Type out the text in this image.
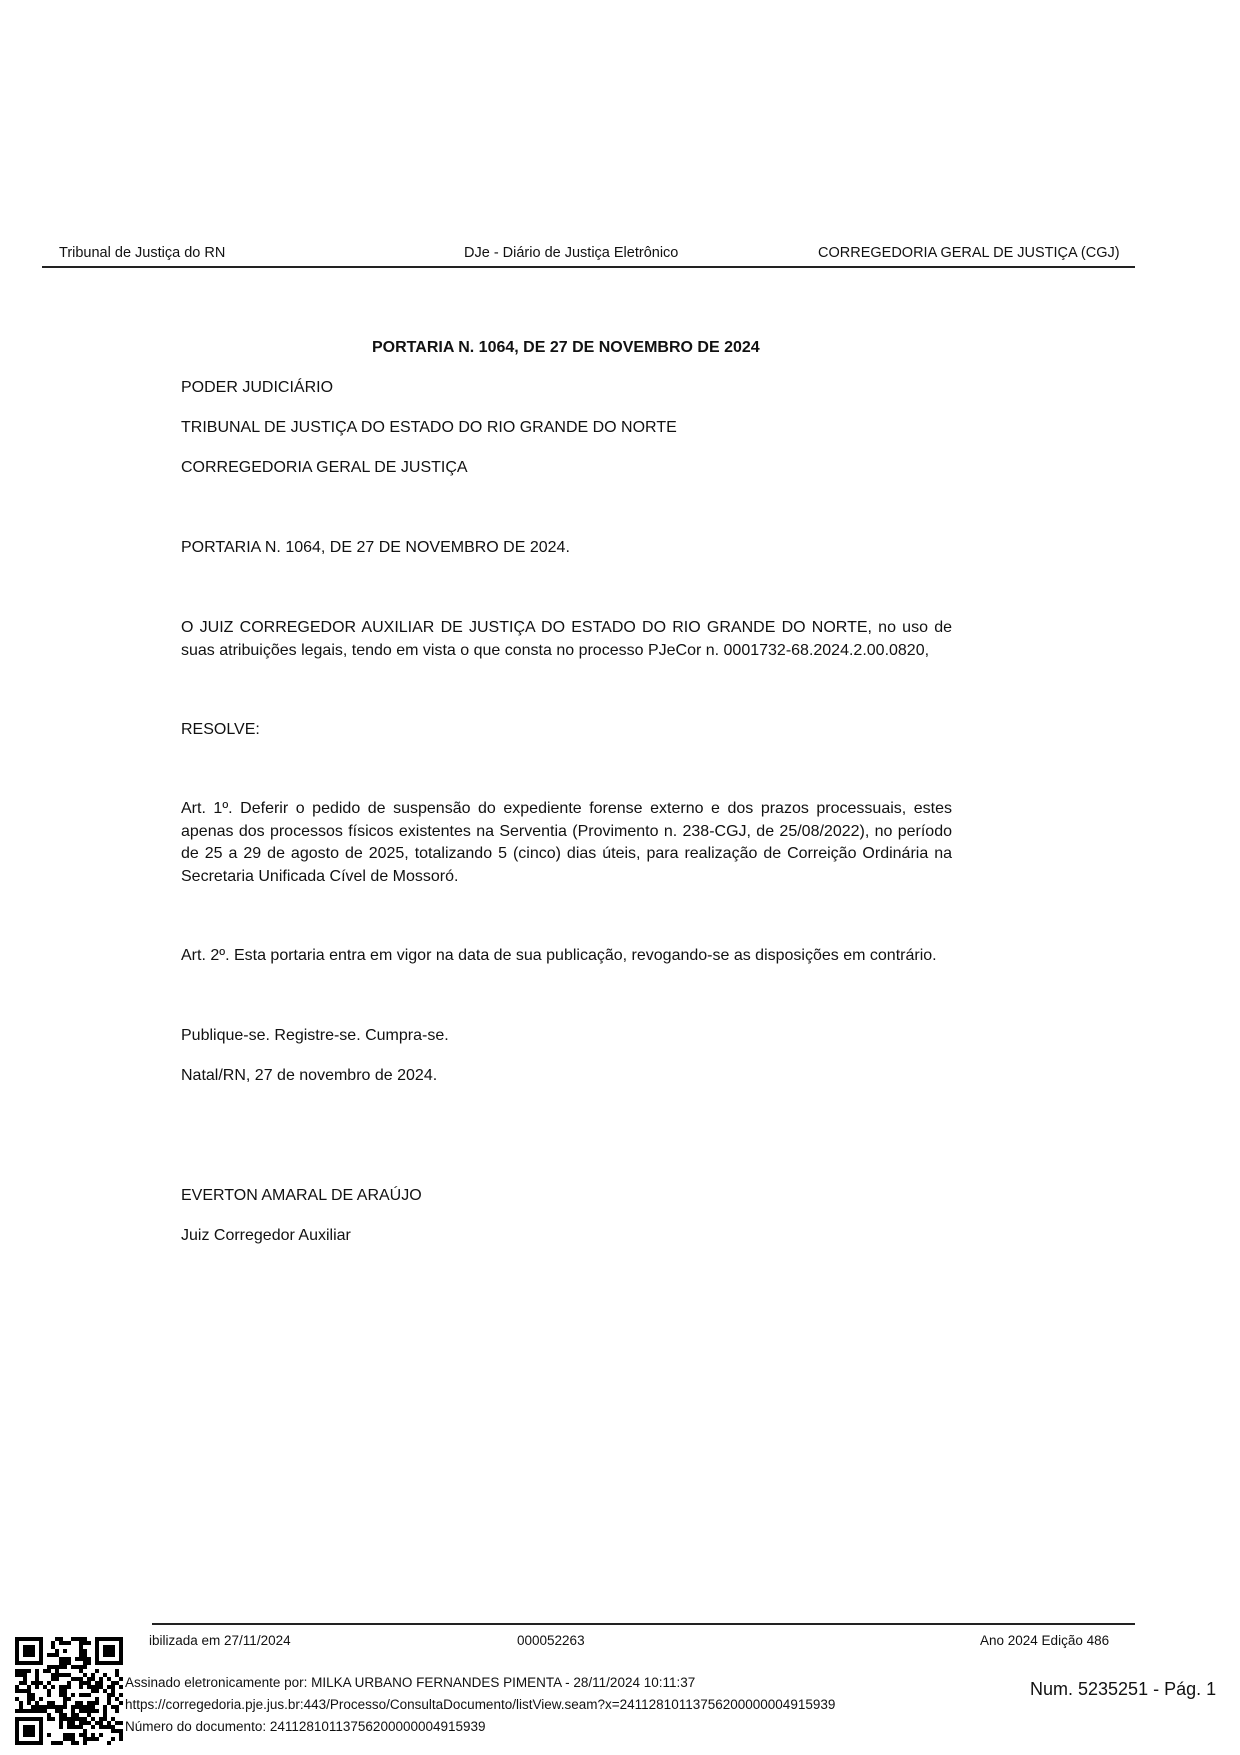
Tribunal de Justiça do RN	DJe - Diário de Justiça Eletrônico	CORREGEDORIA GERAL DE JUSTIÇA (CGJ)
PORTARIA N. 1064, DE 27 DE NOVEMBRO DE 2024
PODER JUDICIÁRIO
TRIBUNAL DE JUSTIÇA DO ESTADO DO RIO GRANDE DO NORTE
CORREGEDORIA GERAL DE JUSTIÇA
PORTARIA N. 1064, DE 27 DE NOVEMBRO DE 2024.
O JUIZ CORREGEDOR AUXILIAR DE JUSTIÇA DO ESTADO DO RIO GRANDE DO NORTE, no uso de suas atribuições legais, tendo em vista o que consta no processo PJeCor n. 0001732-68.2024.2.00.0820,
RESOLVE:
Art. 1º. Deferir o pedido de suspensão do expediente forense externo e dos prazos processuais, estes apenas dos processos físicos existentes na Serventia (Provimento n. 238-CGJ, de 25/08/2022), no período de 25 a 29 de agosto de 2025, totalizando 5 (cinco) dias úteis, para realização de Correição Ordinária na Secretaria Unificada Cível de Mossoró.
Art. 2º. Esta portaria entra em vigor na data de sua publicação, revogando-se as disposições em contrário.
Publique-se. Registre-se. Cumpra-se.
Natal/RN, 27 de novembro de 2024.
EVERTON AMARAL DE ARAÚJO
Juiz Corregedor Auxiliar
ibilizada em 27/11/2024	000052263	Ano 2024 Edição 486
Assinado eletronicamente por: MILKA URBANO FERNANDES PIMENTA - 28/11/2024 10:11:37
https://corregedoria.pje.jus.br:443/Processo/ConsultaDocumento/listView.seam?x=24112810113756200000004915939
Número do documento: 24112810113756200000004915939
Num. 5235251 - Pág. 1
